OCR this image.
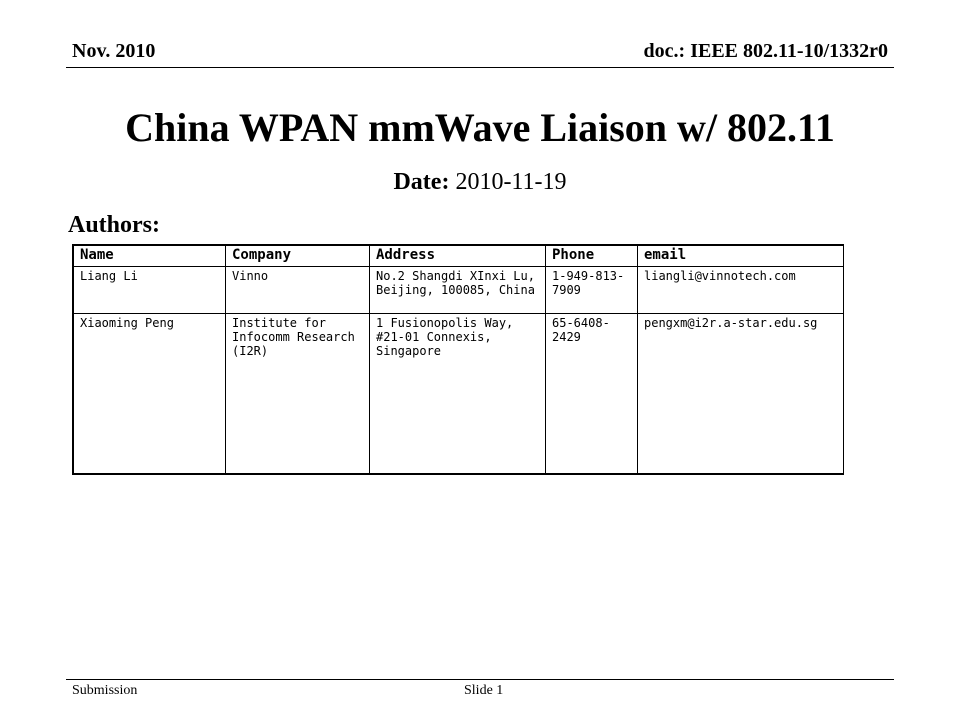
Nov. 2010	doc.: IEEE 802.11-10/1332r0
China WPAN mmWave Liaison w/ 802.11
Date: 2010-11-19
Authors:
Name	Company	Address	Phone	email
Liang Li	Vinno	No.2 Shangdi XInxi Lu, Beijing, 100085, China	1-949-813-7909	liangli@vinnotech.com
Xiaoming Peng	Institute for Infocomm Research (I2R)	1 Fusionopolis Way, #21-01 Connexis, Singapore	65-6408-2429	pengxm@i2r.a-star.edu.sg
Submission	Slide 1
